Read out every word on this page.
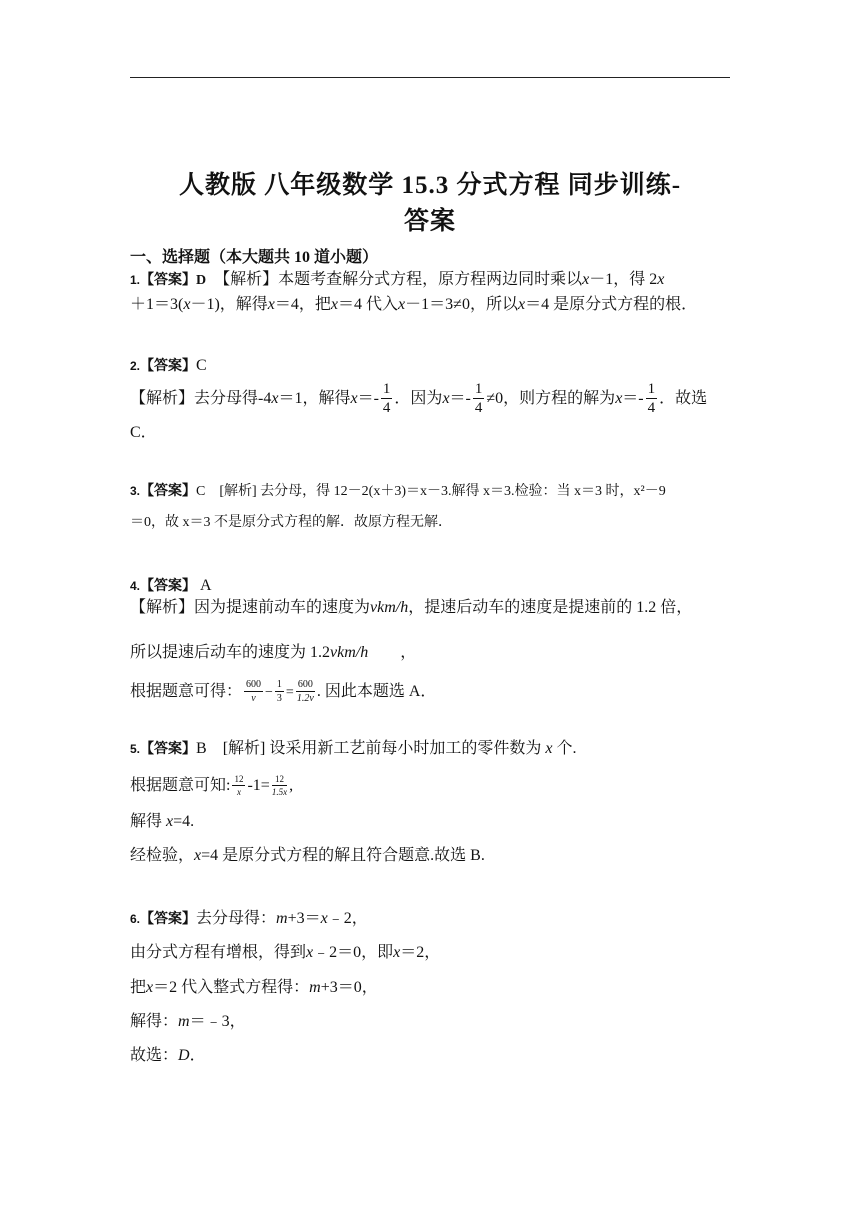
人教版 八年级数学 15.3 分式方程 同步训练-
答案
一、选择题（本大题共 10 道小题）
1.【答案】D　【解析】本题考查解分式方程，原方程两边同时乘以x－1，得 2x
＋1＝3(x－1)，解得x＝4，把x＝4 代入x－1＝3≠0，所以x＝4 是原分式方程的根．
2.【答案】C
【解析】去分母得-4x＝1，解得$x=- \frac{1}{4}$ ．因为$x=- \frac{1}{4} \ne 0$，则方程的解为$x=- \frac{1}{4}$ ．故选 C．
3.【答案】C　[解析] 去分母，得 12－2(x＋3)＝x－3.解得 x＝3.检验：当 x＝3 时，x²－9
＝0，故 x＝3 不是原分式方程的解．故原方程无解．
4.【答案】 A
【解析】因为提速前动车的速度为vkm/h，提速后动车的速度是提速前的 1.2 倍，
所以提速后动车的速度为 1.2vkm/h　　，
根据题意可得： $\frac{600}{v} - \frac{1}{3} = \frac{600}{1.2v}$ . 因此本题选 A．
5.【答案】B　[解析] 设采用新工艺前每小时加工的零件数为 x 个.
根据题意可知: $\frac{12}{x} -1= \frac{12}{1.5x}$ ,
解得 x=4.
经检验，x=4 是原分式方程的解且符合题意.故选 B.
6.【答案】去分母得：m+3＝x﹣2，
由分式方程有增根，得到x﹣2＝0，即x＝2，
把x＝2 代入整式方程得：m+3＝0，
解得：m＝﹣3，
故选：D．
